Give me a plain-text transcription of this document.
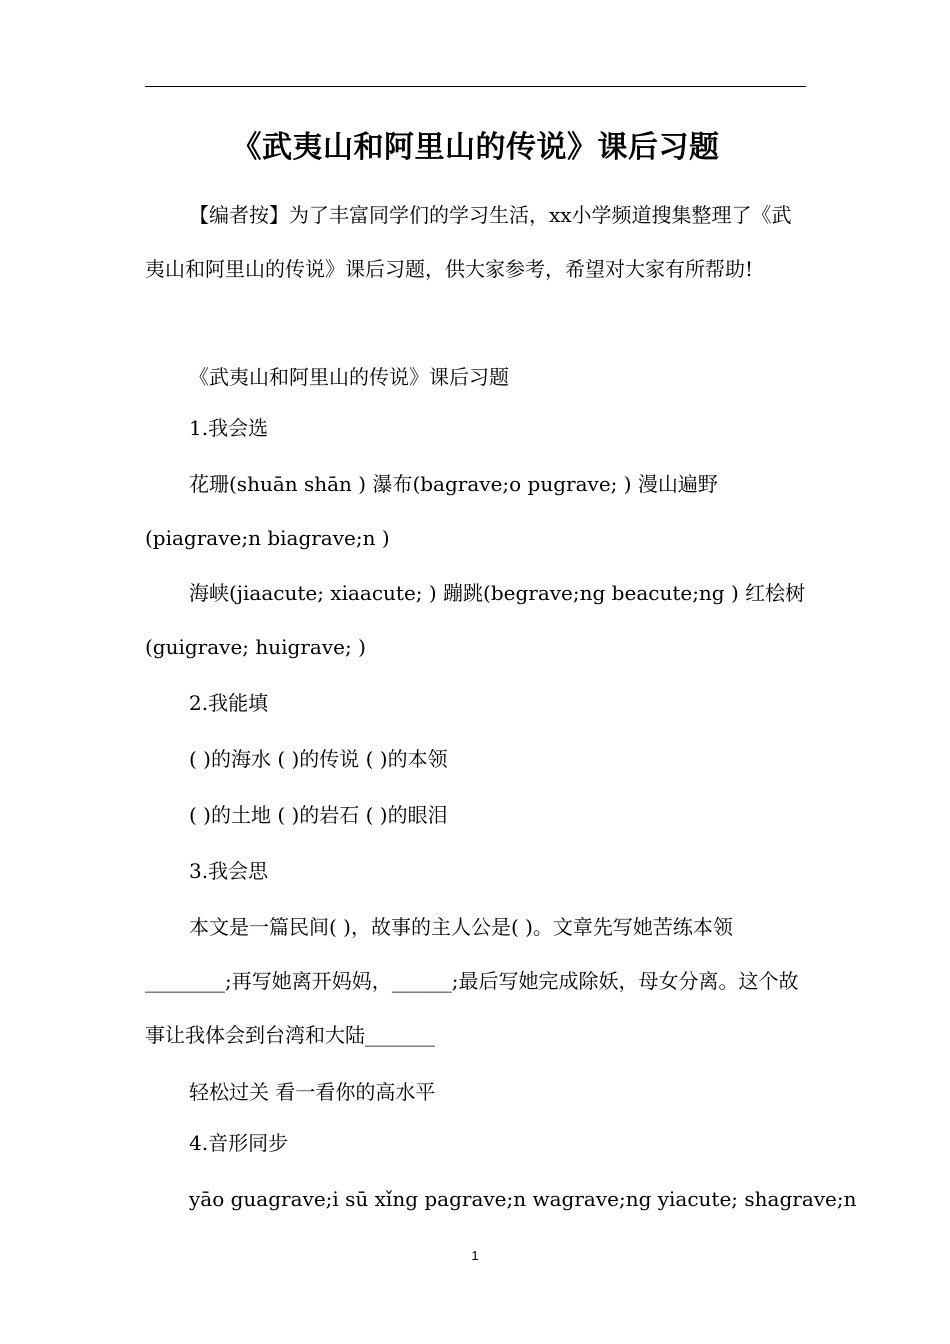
《武夷山和阿里山的传说》课后习题

【编者按】为了丰富同学们的学习生活，xx小学频道搜集整理了《武夷山和阿里山的传说》课后习题，供大家参考，希望对大家有所帮助!

《武夷山和阿里山的传说》课后习题

1.我会选

花珊(shuān shān ) 瀑布(bagrave;o pugrave; ) 漫山遍野(piagrave;n biagrave;n )

海峡(jiaacute; xiaacute; ) 蹦跳(begrave;ng beacute;ng ) 红桧树(guigrave; huigrave; )

2.我能填

( )的海水 ( )的传说 ( )的本领

( )的土地 ( )的岩石 ( )的眼泪

3.我会思

本文是一篇民间( )，故事的主人公是( )。文章先写她苦练本领________;再写她离开妈妈，______;最后写她完成除妖，母女分离。这个故事让我体会到台湾和大陆_______

轻松过关 看一看你的高水平

4.音形同步

yāo guagrave;i sū xǐng pagrave;n wagrave;ng yiacute; shagrave;n

1
